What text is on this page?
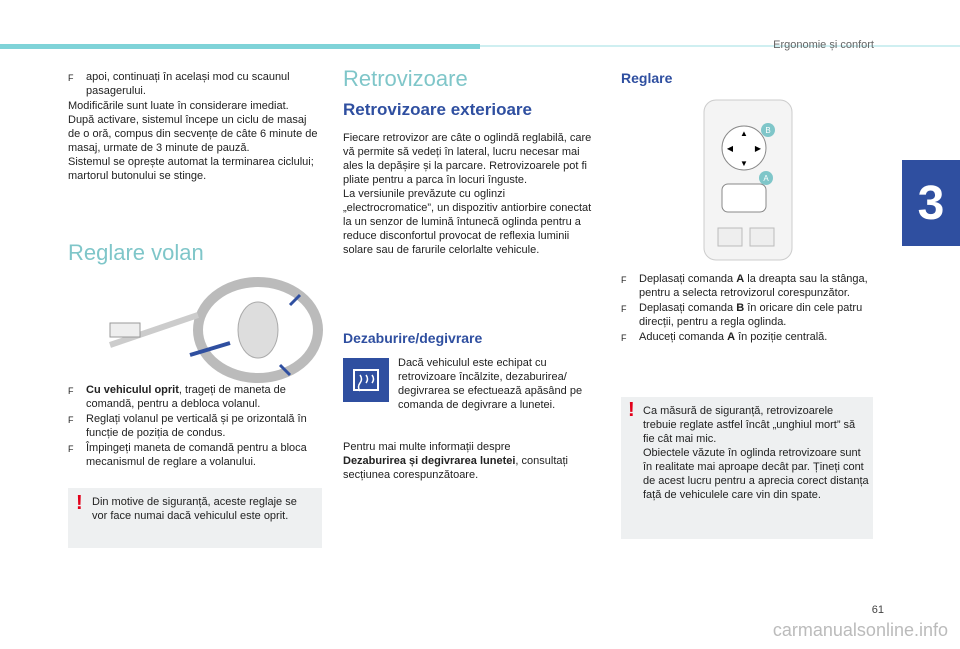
Ergonomie și confort
3
F	apoi, continuați în același mod cu scaunul pasagerului.

Modificările sunt luate în considerare imediat.

După activare, sistemul începe un ciclu de masaj de o oră, compus din secvențe de câte 6 minute de masaj, urmate de 3 minute de pauză.

Sistemul se oprește automat la terminarea ciclului; martorul butonului se stinge.

Reglare volan
F	Cu vehiculul oprit, trageți de maneta de comandă, pentru a debloca volanul.
F	Reglați volanul pe verticală și pe orizontală în funcție de poziția de condus.
F	Împingeți maneta de comandă pentru a bloca mecanismul de reglare a volanului.
! Din motive de siguranță, aceste reglaje se vor face numai dacă vehiculul este oprit.

Retrovizoare
Retrovizoare exterioare

Fiecare retrovizor are câte o oglindă reglabilă, care vă permite să vedeți în lateral, lucru necesar mai ales la depășire și la parcare. Retrovizoarele pot fi pliate pentru a parca în locuri înguste.

La versiunile prevăzute cu oglinzi „electrocromatice”, un dispozitiv antiorbire conectat la un senzor de lumină întunecă oglinda pentru a reduce disconfortul provocat de reflexia luminii solare sau de farurile celorlalte vehicule.

Dezaburire/degivrare
Dacă vehiculul este echipat cu retrovizoare încălzite, dezaburirea/ degivrarea se efectuează apăsând pe comanda de degivrare a lunetei.
Pentru mai multe informații despre
Dezaburirea și degivrarea lunetei, consultați secțiunea corespunzătoare.
Reglare
▲
▼
◀	▶
B
A
F	Deplasați comanda A la dreapta sau la stânga, pentru a selecta retrovizorul corespunzător.
F	Deplasați comanda B în oricare din cele patru direcții, pentru a regla oglinda.
F	Aduceți comanda A în poziție centrală.
! Ca măsură de siguranță, retrovizoarele trebuie reglate astfel încât „unghiul mort” să fie cât mai mic.

Obiectele văzute în oglinda retrovizoare sunt în realitate mai aproape decât par. Țineți cont de acest lucru pentru a aprecia corect distanța față de vehiculele care vin din spate.

61
carmanualsonline.info
